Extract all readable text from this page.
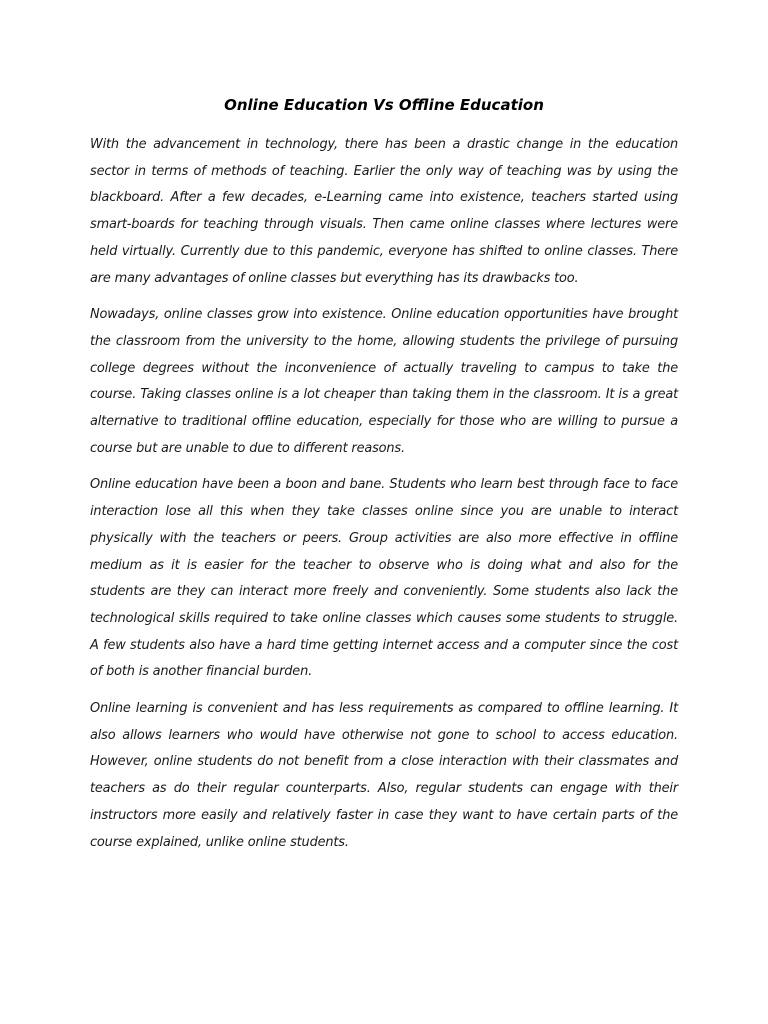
Online Education Vs Offline Education

With the advancement in technology, there has been a drastic change in the education sector in terms of methods of teaching. Earlier the only way of teaching was by using the blackboard. After a few decades, e-Learning came into existence, teachers started using smart-boards for teaching through visuals. Then came online classes where lectures were held virtually. Currently due to this pandemic, everyone has shifted to online classes. There are many advantages of online classes but everything has its drawbacks too.

Nowadays, online classes grow into existence. Online education opportunities have brought the classroom from the university to the home, allowing students the privilege of pursuing college degrees without the inconvenience of actually traveling to campus to take the course. Taking classes online is a lot cheaper than taking them in the classroom. It is a great alternative to traditional offline education, especially for those who are willing to pursue a course but are unable to due to different reasons.

Online education have been a boon and bane. Students who learn best through face to face interaction lose all this when they take classes online since you are unable to interact physically with the teachers or peers. Group activities are also more effective in offline medium as it is easier for the teacher to observe who is doing what and also for the students are they can interact more freely and conveniently. Some students also lack the technological skills required to take online classes which causes some students to struggle. A few students also have a hard time getting internet access and a computer since the cost of both is another financial burden.

Online learning is convenient and has less requirements as compared to offline learning. It also allows learners who would have otherwise not gone to school to access education. However, online students do not benefit from a close interaction with their classmates and teachers as do their regular counterparts. Also, regular students can engage with their instructors more easily and relatively faster in case they want to have certain parts of the course explained, unlike online students.
